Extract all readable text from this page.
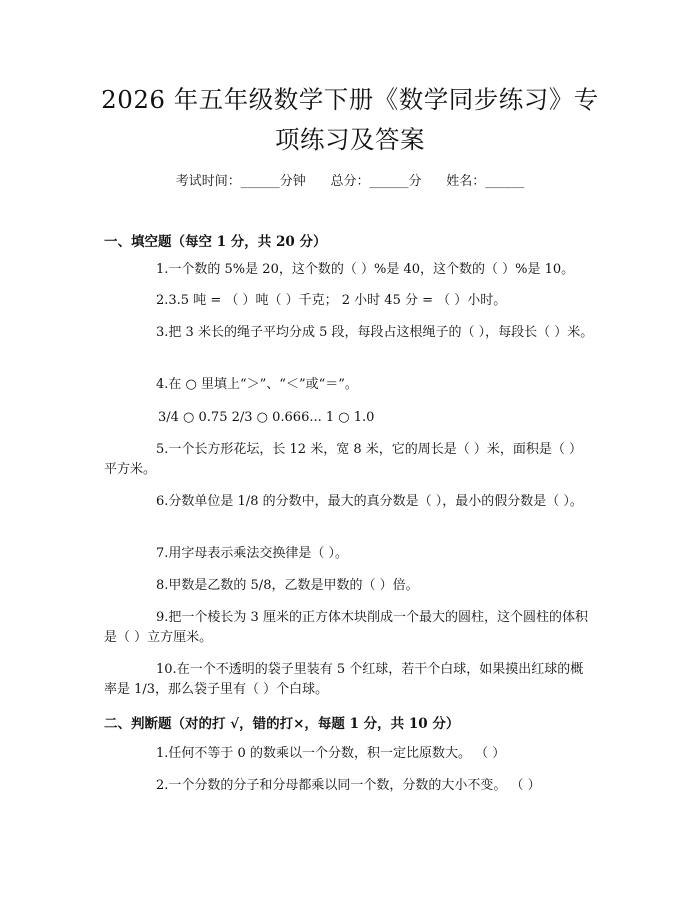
2026 年五年级数学下册《数学同步练习》专
项练习及答案
考试时间：______分钟      总分：______分      姓名：______
一、填空题（每空 1 分，共 20 分）
1.一个数的 5%是 20，这个数的（ ）%是 40，这个数的（ ）%是 10。
2.3.5 吨 = （ ）吨（ ）千克； 2 小时 45 分 = （ ）小时。
3.把 3 米长的绳子平均分成 5 段，每段占这根绳子的（ ），每段长（ ）米。
4.在 ○ 里填上“＞”、“＜”或“＝”。
3/4 ○ 0.75 2/3 ○ 0.666... 1 ○ 1.0
5.一个长方形花坛，长 12 米，宽 8 米，它的周长是（ ）米，面积是（ ）平方米。
6.分数单位是 1/8 的分数中，最大的真分数是（ ），最小的假分数是（ ）。
7.用字母表示乘法交换律是（ ）。
8.甲数是乙数的 5/8，乙数是甲数的（ ）倍。
9.把一个棱长为 3 厘米的正方体木块削成一个最大的圆柱，这个圆柱的体积是（ ）立方厘米。
10.在一个不透明的袋子里装有 5 个红球，若干个白球，如果摸出红球的概率是 1/3，那么袋子里有（ ）个白球。
二、判断题（对的打 √，错的打×，每题 1 分，共 10 分）
1.任何不等于 0 的数乘以一个分数，积一定比原数大。 （ ）
2.一个分数的分子和分母都乘以同一个数，分数的大小不变。 （ ）
